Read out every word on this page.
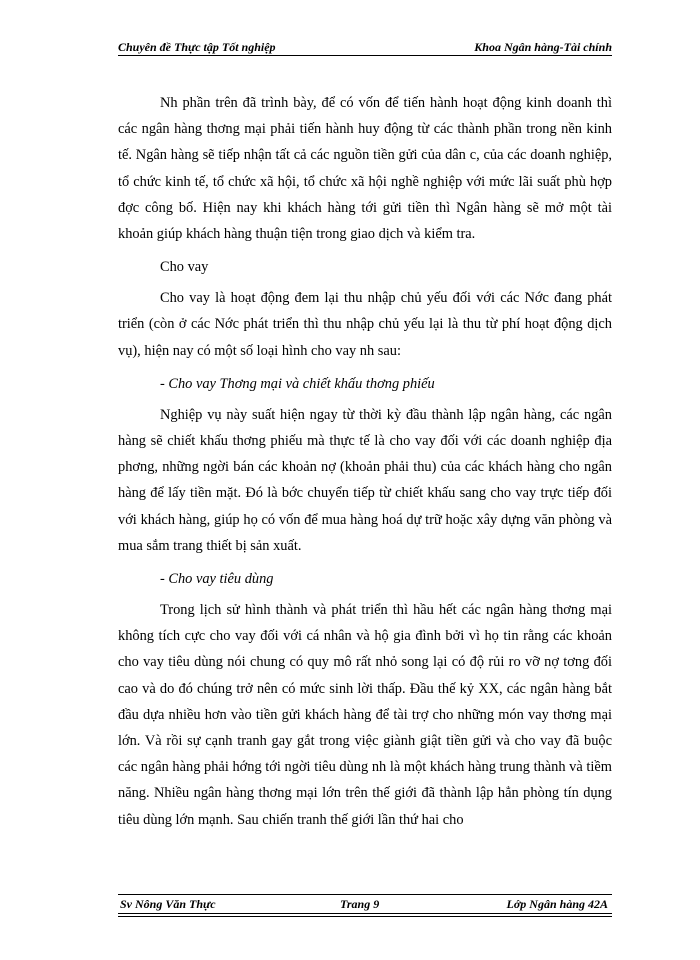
Chuyên đề Thực tập Tốt nghiệp	Khoa Ngân hàng-Tài chính

Nh phần trên đã trình bày, để có vốn để tiến hành hoạt động kinh doanh thì các ngân hàng thơng mại phải tiến hành huy động từ các thành phần trong nền kinh tế. Ngân hàng sẽ tiếp nhận tất cả các nguồn tiền gửi của dân c, của các doanh nghiệp, tổ chức kinh tế, tổ chức xã hội, tổ chức xã hội nghề nghiệp với mức lãi suất phù hợp đợc công bố. Hiện nay khi khách hàng tới gửi tiền thì Ngân hàng sẽ mở một tài khoản giúp khách hàng thuận tiện trong giao dịch và kiểm tra.

Cho vay

Cho vay là hoạt động đem lại thu nhập chủ yếu đối với các Nớc đang phát triển (còn ở các Nớc phát triển thì thu nhập chủ yếu lại là thu từ phí hoạt động dịch vụ), hiện nay có một số loại hình cho vay nh sau:

- Cho vay Thơng mại và chiết khấu thơng phiếu

Nghiệp vụ này suất hiện ngay từ thời kỳ đầu thành lập ngân hàng, các ngân hàng sẽ chiết khấu thơng phiếu mà thực tế là cho vay đối với các doanh nghiệp địa phơng, những ngời bán các khoản nợ (khoản phải thu) của các khách hàng cho ngân hàng để lấy tiền mặt. Đó là bớc chuyển tiếp từ chiết khấu sang cho vay trực tiếp đối với khách hàng, giúp họ có vốn để mua hàng hoá dự trữ hoặc xây dựng văn phòng và mua sắm trang thiết bị sản xuất.

- Cho vay tiêu dùng

Trong lịch sử hình thành và phát triển thì hầu hết các ngân hàng thơng mại không tích cực cho vay đối với cá nhân và hộ gia đình bởi vì họ tin rằng các khoản cho vay tiêu dùng nói chung có quy mô rất nhỏ song lại có độ rủi ro vỡ nợ tơng đối cao và do đó chúng trở nên có mức sinh lời thấp. Đầu thế kỷ XX, các ngân hàng bắt đầu dựa nhiều hơn vào tiền gửi khách hàng để tài trợ cho những món vay thơng mại lớn. Và rồi sự cạnh tranh gay gắt trong việc giành giật tiền gửi và cho vay đã buộc các ngân hàng phải hớng tới ngời tiêu dùng nh là một khách hàng trung thành và tiềm năng. Nhiều ngân hàng thơng mại lớn trên thế giới đã thành lập hẳn phòng tín dụng tiêu dùng lớn mạnh. Sau chiến tranh thế giới lần thứ hai cho

Sv Nông Văn Thực	Trang 9	Lớp Ngân hàng 42A
